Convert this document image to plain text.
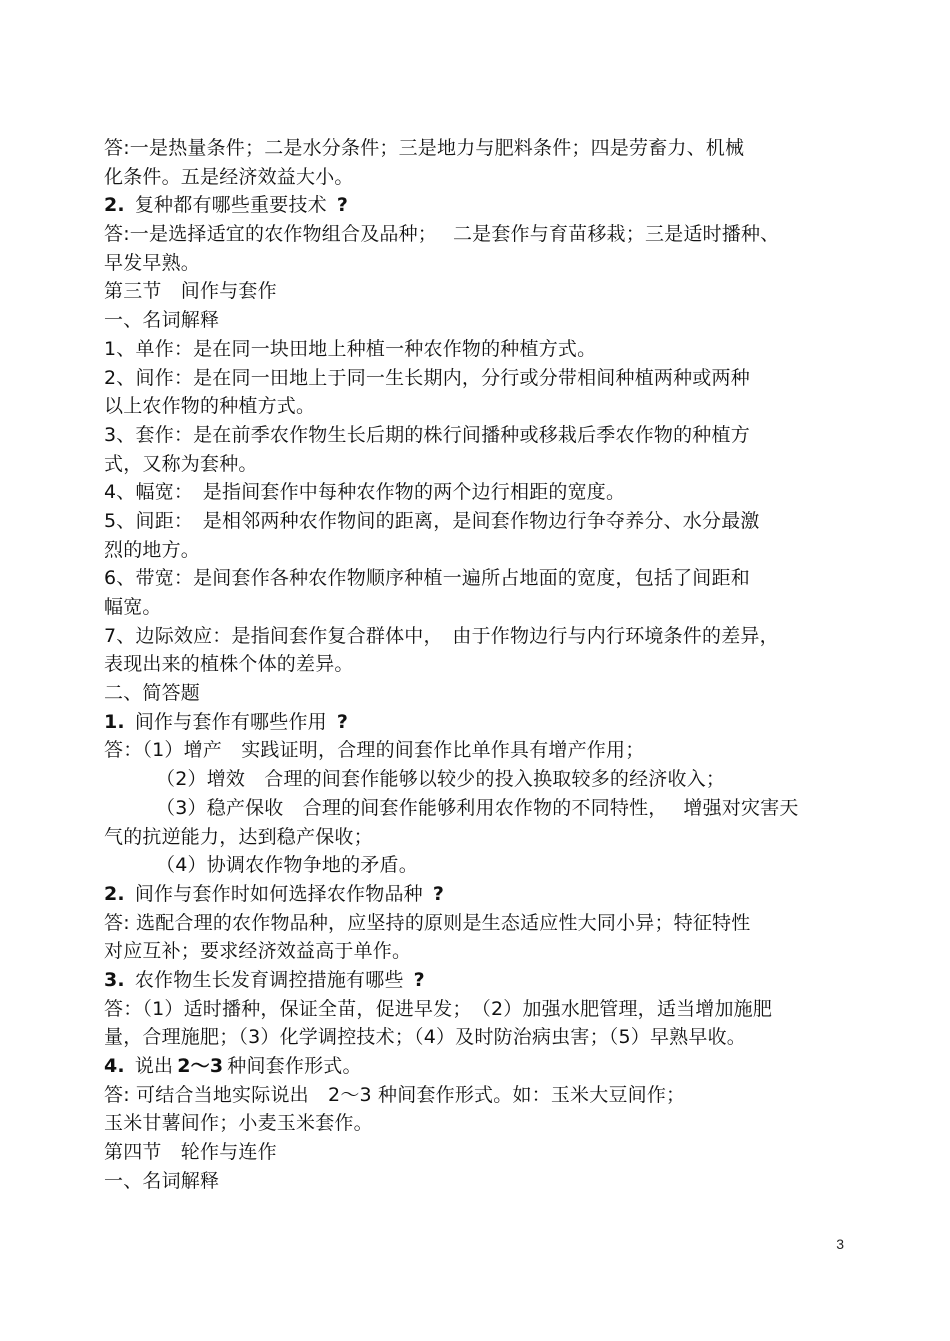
答:一是热量条件；二是水分条件；三是地力与肥料条件；四是劳畜力、机械
化条件。五是经济效益大小。
2. 复种都有哪些重要技术 ?
答:一是选择适宜的农作物组合及品种；　 二是套作与育苗移栽；三是适时播种、
早发早熟。
第三节　间作与套作
一、名词解释
1、单作：是在同一块田地上种植一种农作物的种植方式。
2、间作：是在同一田地上于同一生长期内，分行或分带相间种植两种或两种
以上农作物的种植方式。
3、套作：是在前季农作物生长后期的株行间播种或移栽后季农作物的种植方
式，又称为套种。
4、幅宽：　是指间套作中每种农作物的两个边行相距的宽度。
5、间距：　是相邻两种农作物间的距离，是间套作物边行争夺养分、水分最激
烈的地方。
6、带宽：是间套作各种农作物顺序种植一遍所占地面的宽度，包括了间距和
幅宽。
7、边际效应：是指间套作复合群体中，　由于作物边行与内行环境条件的差异，
表现出来的植株个体的差异。
二、简答题
1. 间作与套作有哪些作用 ?
答：（1）增产　实践证明，合理的间套作比单作具有增产作用；
（2）增效　合理的间套作能够以较少的投入换取较多的经济收入；
（3）稳产保收　合理的间套作能够利用农作物的不同特性，　 增强对灾害天
气的抗逆能力，达到稳产保收；
（4）协调农作物争地的矛盾。
2. 间作与套作时如何选择农作物品种 ?
答: 选配合理的农作物品种，应坚持的原则是生态适应性大同小异；特征特性
对应互补；要求经济效益高于单作。
3. 农作物生长发育调控措施有哪些 ?
答：（1）适时播种，保证全苗，促进早发；　（2）加强水肥管理，适当增加施肥
量，合理施肥；（3）化学调控技术；（4）及时防治病虫害；（5）早熟早收。
4. 说出 2～3 种间套作形式。
答: 可结合当地实际说出　2～3 种间套作形式。如：玉米大豆间作；
玉米甘薯间作；小麦玉米套作。
第四节　轮作与连作
一、名词解释
3
